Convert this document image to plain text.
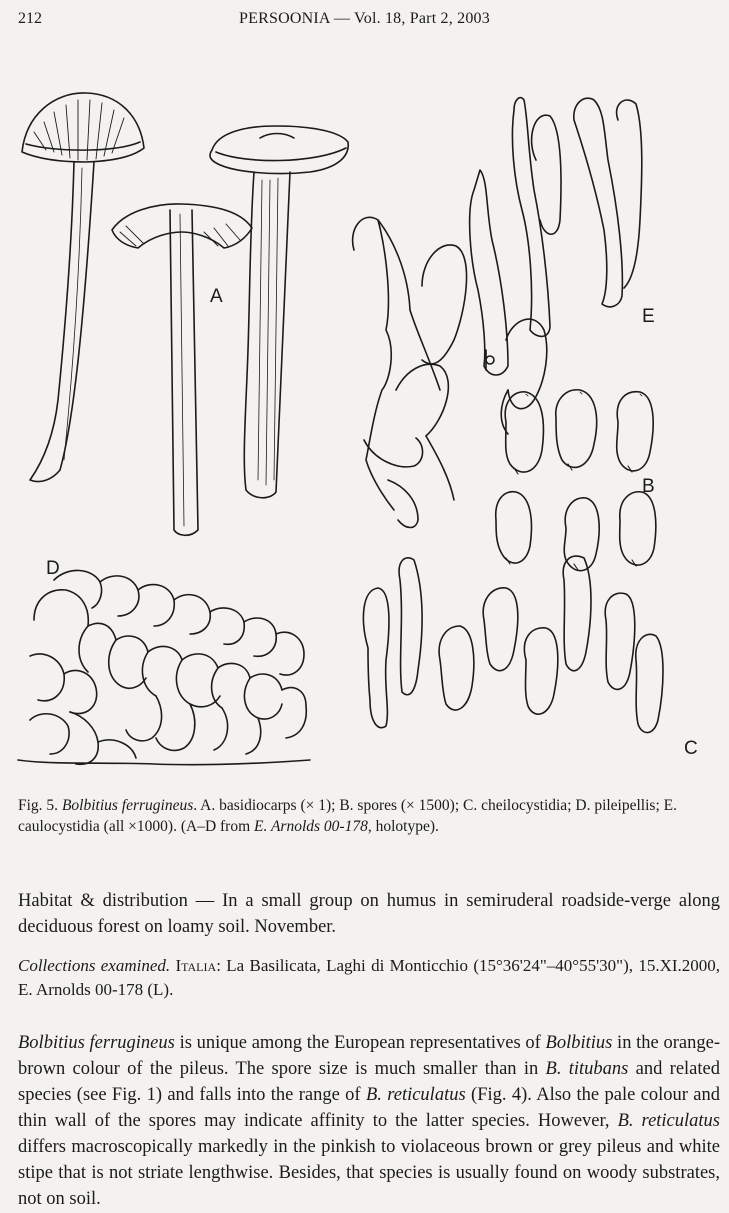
212	PERSOONIA — Vol. 18, Part 2, 2003
A
E
B
C
D
Fig. 5. Bolbitius ferrugineus. A. basidiocarps (× 1); B. spores (× 1500); C. cheilocystidia; D. pileipellis; E. caulocystidia (all ×1000). (A–D from E. Arnolds 00-178, holotype).
Habitat & distribution — In a small group on humus in semiruderal roadside-verge along deciduous forest on loamy soil. November.
Collections examined. Italia: La Basilicata, Laghi di Monticchio (15°36'24"–40°55'30"), 15.XI.2000, E. Arnolds 00-178 (L).
Bolbitius ferrugineus is unique among the European representatives of Bolbitius in the orange-brown colour of the pileus. The spore size is much smaller than in B. titubans and related species (see Fig. 1) and falls into the range of B. reticulatus (Fig. 4). Also the pale colour and thin wall of the spores may indicate affinity to the latter species. However, B. reticulatus differs macroscopically markedly in the pinkish to violaceous brown or grey pileus and white stipe that is not striate lengthwise. Besides, that species is usually found on woody substrates, not on soil.
